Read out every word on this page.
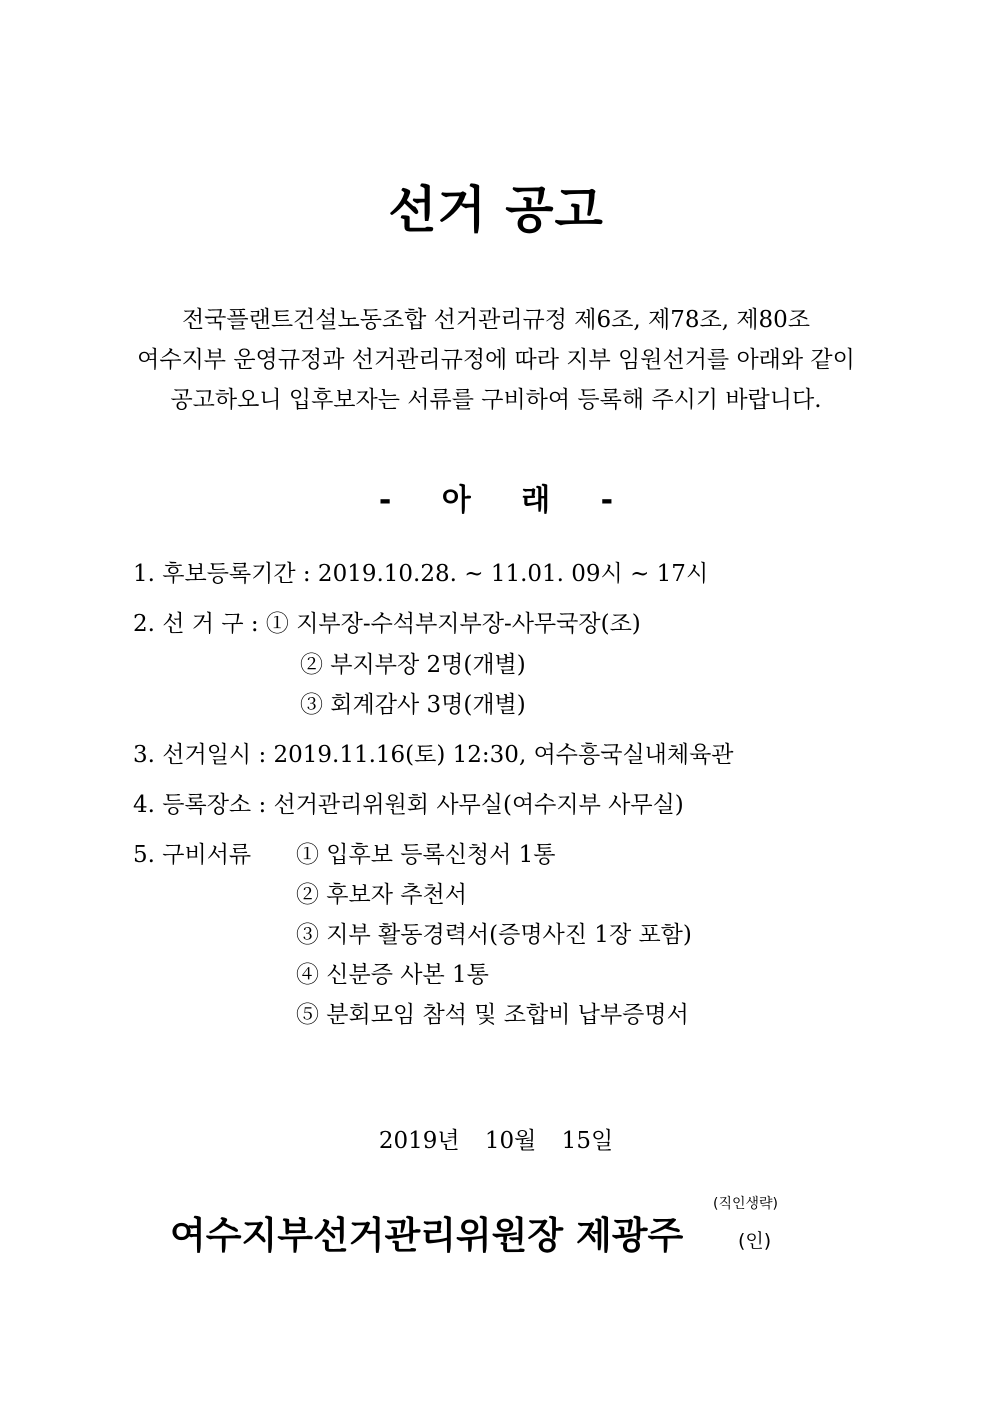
선거 공고
전국플랜트건설노동조합 선거관리규정 제6조, 제78조, 제80조
여수지부 운영규정과 선거관리규정에 따라 지부 임원선거를 아래와 같이
공고하오니 입후보자는 서류를 구비하여 등록해 주시기 바랍니다.
- 아 래 -
1. 후보등록기간 : 2019.10.28. ~ 11.01. 09시 ~ 17시
2. 선 거 구 : ① 지부장-수석부지부장-사무국장(조)
② 부지부장 2명(개별)
③ 회계감사 3명(개별)
3. 선거일시 : 2019.11.16(토) 12:30, 여수흥국실내체육관
4. 등록장소 : 선거관리위원회 사무실(여수지부 사무실)
5. 구비서류 ① 입후보 등록신청서 1통
② 후보자 추천서
③ 지부 활동경력서(증명사진 1장 포함)
④ 신분증 사본 1통
⑤ 분회모임 참석 및 조합비 납부증명서
2019년 10월 15일
여수지부선거관리위원장 제광주
(직인생략)
(인)
